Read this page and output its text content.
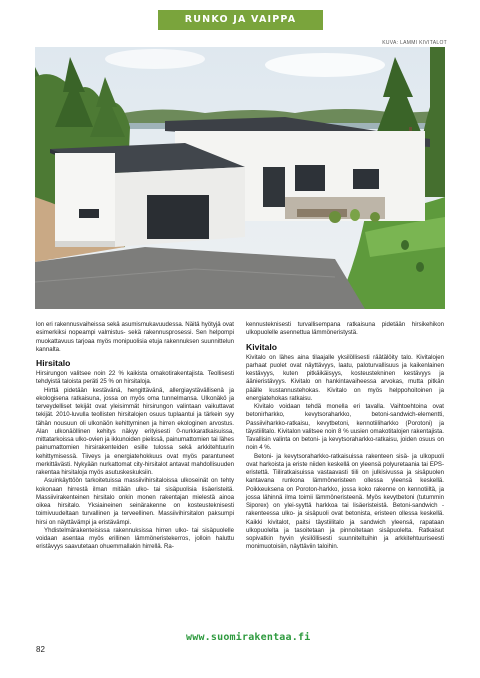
RUNKO JA VAIPPA
KUVA: LAMMI KIVITALOT

lon eri rakennusvaiheissa sekä asumismukavuudessa. Näitä hyötyjä ovat esimerkiksi nopeampi valmistus- sekä rakennusprosessi. Sen helpompi muokattavuus tarjoaa myös monipuolisia etuja rakennuksen suunnittelun kannalta.

Hirsitalo

Hirsirungon valitsee noin 22 % kaikista omakotirakentajista. Teollisesti tehdyistä taloista peräti 25 % on hirsitaloja.

Hirttä pidetään kestävänä, hengittävänä, allergiaystävällisenä ja ekologisena ratkaisuna, jossa on myös oma tunnelmansa. Ulkonäkö ja terveydelliset tekijät ovat yleisimmät hirsirungon valintaan vaikuttavat tekijät. 2010-luvulla teollisten hirsitalojen osuus tuplaantui ja tärkein syy tähän nousuun oli ulkonäön kehittyminen ja hirren ekologinen arvostus. Alan ulkonäöllinen kehitys näkyy erityisesti 0-nurkkaratkaisuissa, mittatarkoissa ulko-ovien ja ikkunoiden pielissä, painumattomien tai lähes painumattomien hirsirakenteiden esille tulossa sekä arkkitehtuurin kehittymisessä. Tiiveys ja energiatehokkuus ovat myös parantuneet merkittävästi. Nykyään nurkattomat city-hirsitalot antavat mahdollisuuden rakentaa hirsitaloja myös asutuskeskuksiin.

Asuinkäyttöön tarkoitetuissa massiivihirsitaloissa ulkoseinät on tehty kokonaan hirrestä ilman mitään ulko- tai sisäpuolisia lisäeristeitä. Massiivirakenteinen hirsitalo onkin monen rakentajan mielestä ainoa oikea hirsitalo. Yksiaineinen seinärakenne on kosteusteknisesti toimivuudeltaan turvallinen ja terveellinen. Massiivihirsitalon paksumpi hirsi on näyttävämpi ja eristävämpi.

Yhdistelmärakenteisissa rakennuksissa hirren ulko- tai sisäpuolelle voidaan asentaa myös erillinen lämmöneristekerros, jolloin haluttu eristävyys saavutetaan ohuemmallakin hirrellä. Ra-

kennusteknisesti turvallisempana ratkaisuna pidetään hirsikehikon ulkopuolelle asennettua lämmöneristystä.

Kivitalo

Kivitalo on lähes aina tilaajalle yksilöllisesti räätälöity talo. Kivitalojen parhaat puolet ovat näyttävyys, laatu, paloturvallisuus ja kaikenlainen kestävyys, kuten pitkäikäisyys, kosteustekninen kestävyys ja äänieristävyys. Kivitalo on hankintavaiheessa arvokas, mutta pitkän päälle kustannustehokas. Kivitalo on myös helppohoitoinen ja energiatehokas ratkaisu.

Kivitalo voidaan tehdä monella eri tavalla. Vaihtoehtoina ovat betonirharkko, kevytsoraharkko, betoni-sandwich-elementti, Passiiviharkko-ratkaisu, kevytbetoni, kennotiiliharkko (Porotoni) ja täystiilitalo. Kivitalon valitsee noin 8 % uusien omakotitalojen rakentajista. Tavallisin valinta on betoni- ja kevytsoraharkko-ratkaisu, joiden osuus on noin 4 %.

Betoni- ja kevytsoraharkko-ratkaisuissa rakenteen sisä- ja ulkopuoli ovat harkoista ja eriste niiden keskellä on yleensä polyuretaania tai EPS-eristettä. Tiiliratkaisuissa vastaavasti tiili on julkisivussa ja sisäpuolen kantavana runkona lämmöneristeen ollessa yleensä keskellä. Poikkeuksena on Poroton-harkko, jossa koko rakenne on kennotiiltä, ja jossa lähinnä ilma toimii lämmöneristeenä. Myös kevytbetoni (tutummin Siporex) on ylei-syyttä harkkoa tai lisäeristeistä. Betoni-sandwich -rakenteessa ulko- ja sisäpuoli ovat betonista, eristeen ollessa keskellä. Kaikki kivitalot, paitsi täystiilitalo ja sandwich yleensä, rapataan ulkopuolelta ja tasoitetaan ja pinnoitetaan sisäpuolelta. Ratkaisut sopivatkin hyvin yksilöllisesti suunniteltuihin ja arkkitehtuuriseesti monimuotoisiin, näyttäviin taloihin.

www.suomirakentaa.fi
82
